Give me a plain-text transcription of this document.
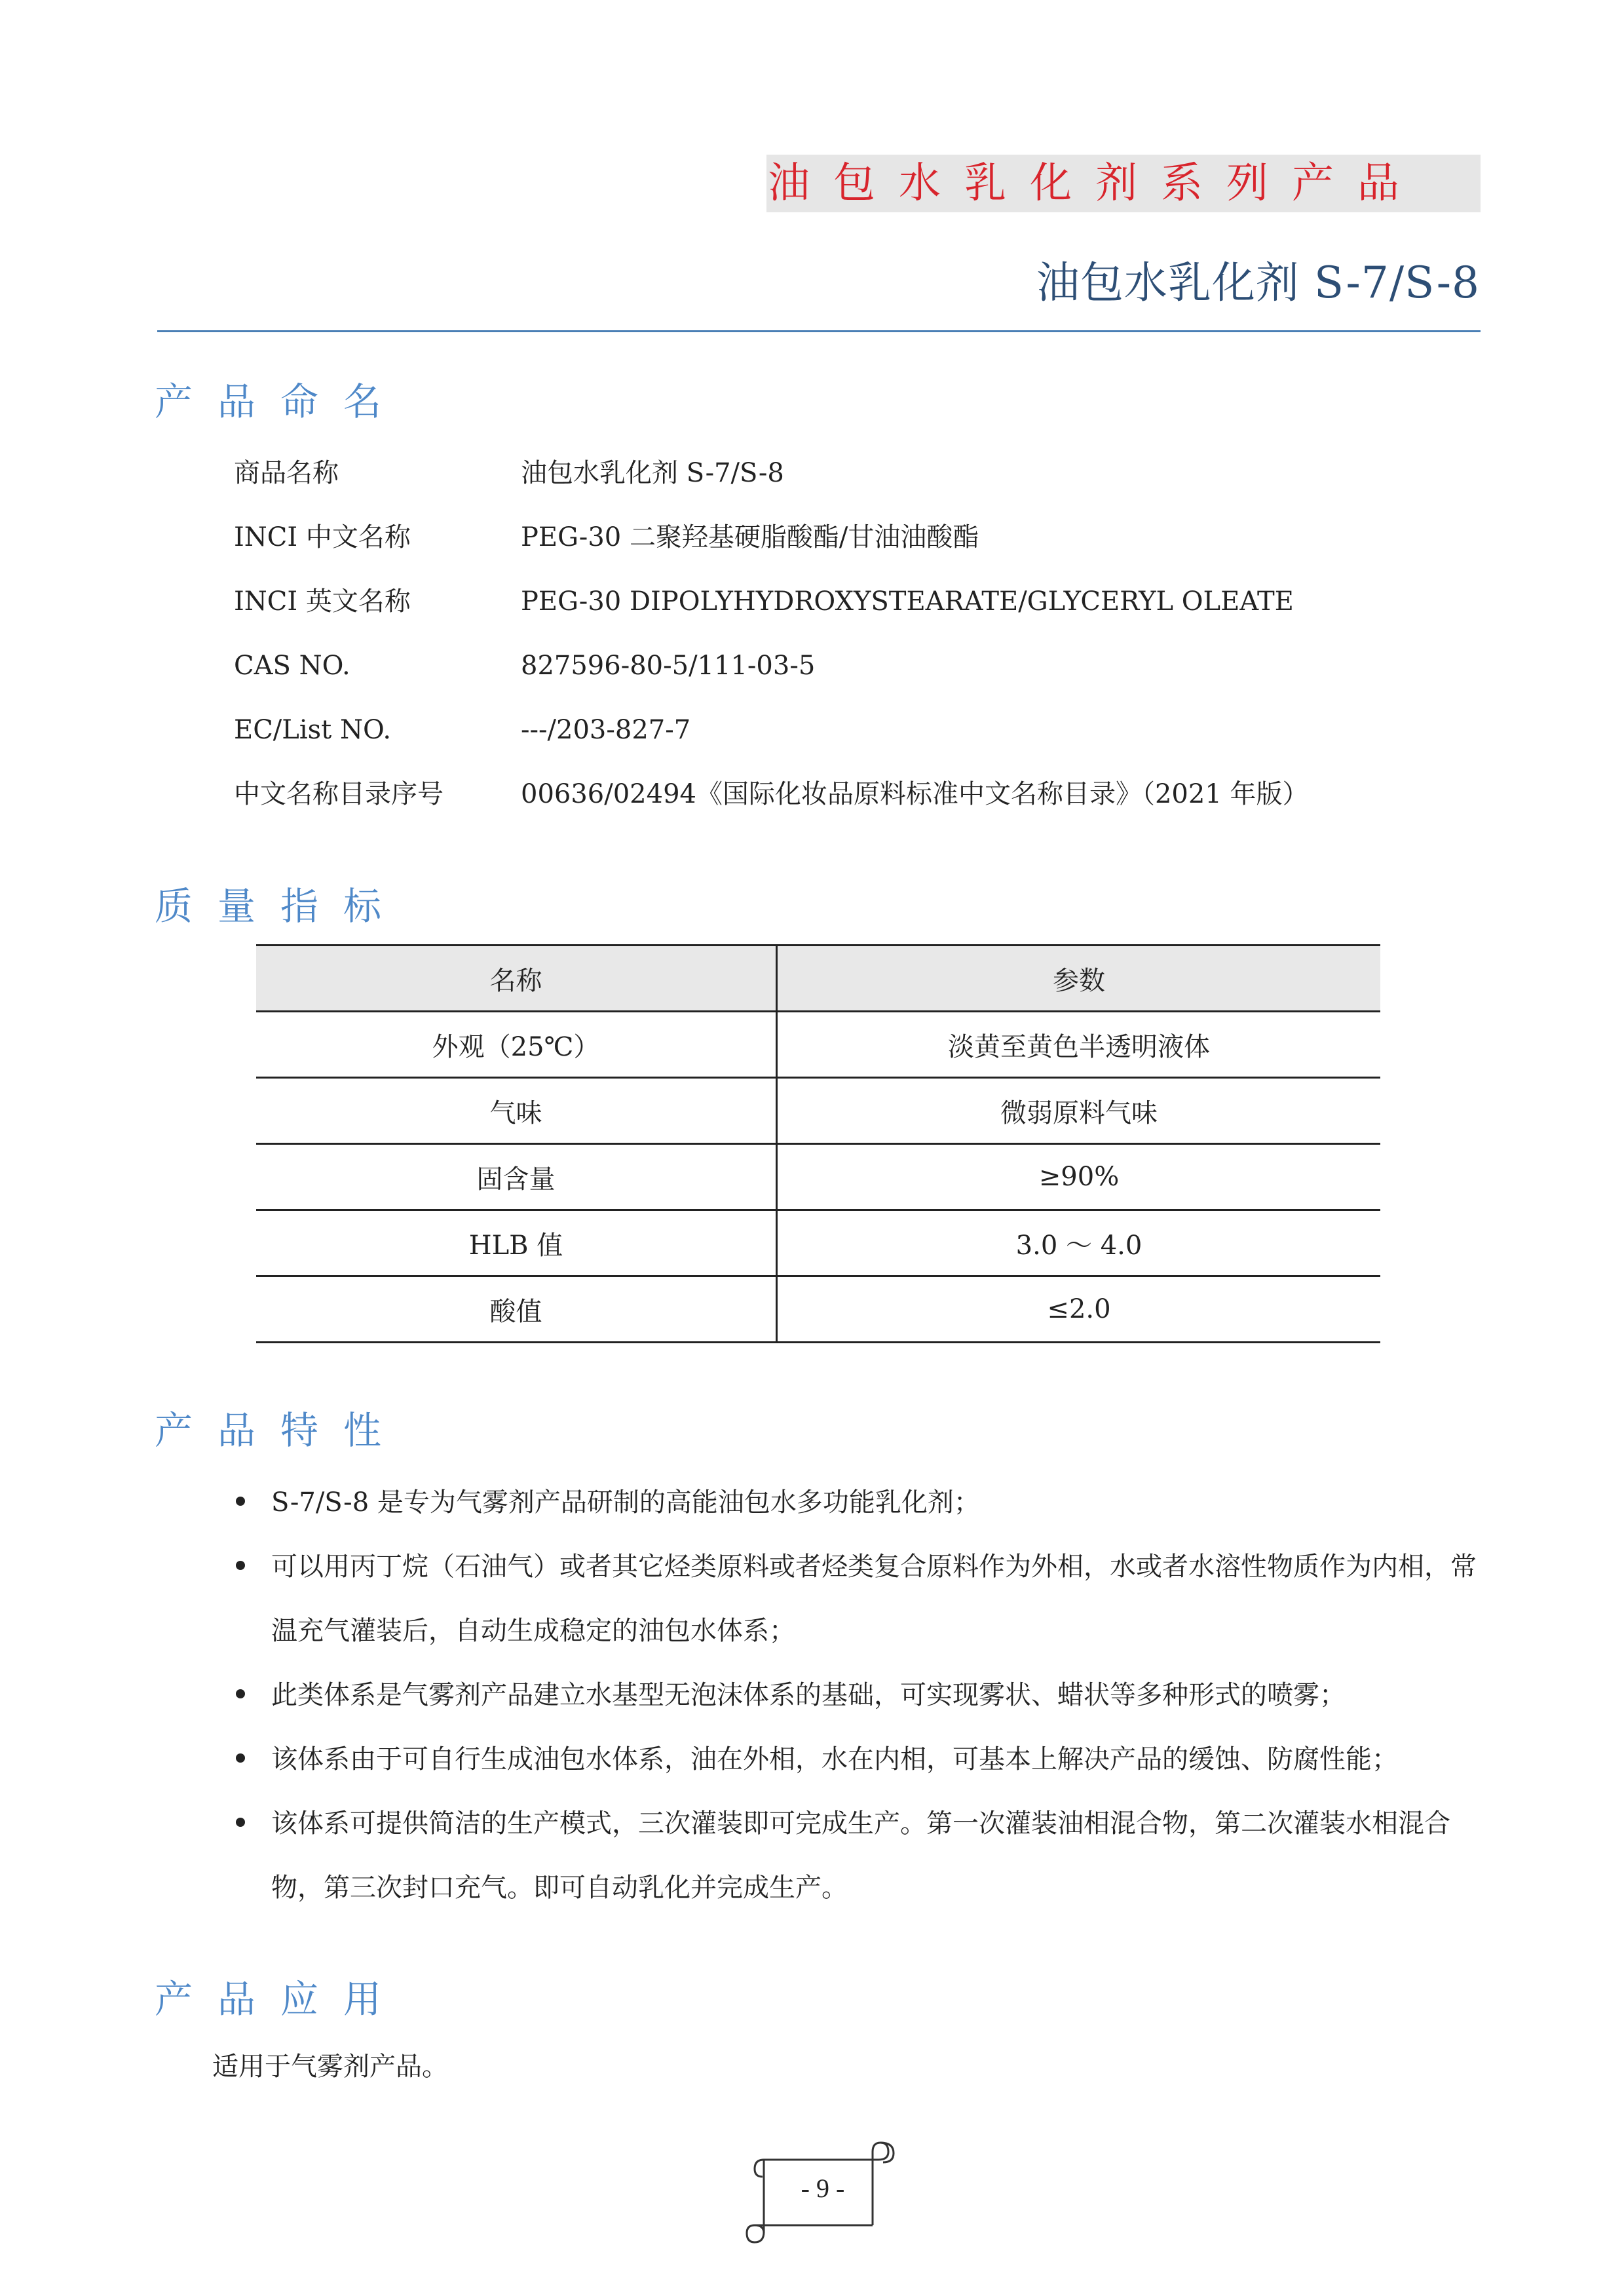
油包水乳化剂系列产品
油包水乳化剂 S-7/S-8
产品命名
商品名称	油包水乳化剂 S-7/S-8
INCI 中文名称	PEG-30 二聚羟基硬脂酸酯/甘油油酸酯
INCI 英文名称	PEG-30 DIPOLYHYDROXYSTEARATE/GLYCERYL OLEATE
CAS NO.	827596-80-5/111-03-5
EC/List NO.	---/203-827-7
中文名称目录序号	00636/02494《国际化妆品原料标准中文名称目录》（2021 年版）
质量指标
名称	参数
外观（25℃）	淡黄至黄色半透明液体
气味	微弱原料气味
固含量	≥90%
HLB 值	3.0 ～ 4.0
酸值	≤2.0
产品特性
S-7/S-8 是专为气雾剂产品研制的高能油包水多功能乳化剂；
可以用丙丁烷（石油气）或者其它烃类原料或者烃类复合原料作为外相，水或者水溶性物质作为内相，常温充气灌装后，自动生成稳定的油包水体系；
此类体系是气雾剂产品建立水基型无泡沫体系的基础，可实现雾状、蜡状等多种形式的喷雾；
该体系由于可自行生成油包水体系，油在外相，水在内相，可基本上解决产品的缓蚀、防腐性能；
该体系可提供简洁的生产模式，三次灌装即可完成生产。第一次灌装油相混合物，第二次灌装水相混合物，第三次封口充气。即可自动乳化并完成生产。
产品应用
适用于气雾剂产品。
- 9 -
